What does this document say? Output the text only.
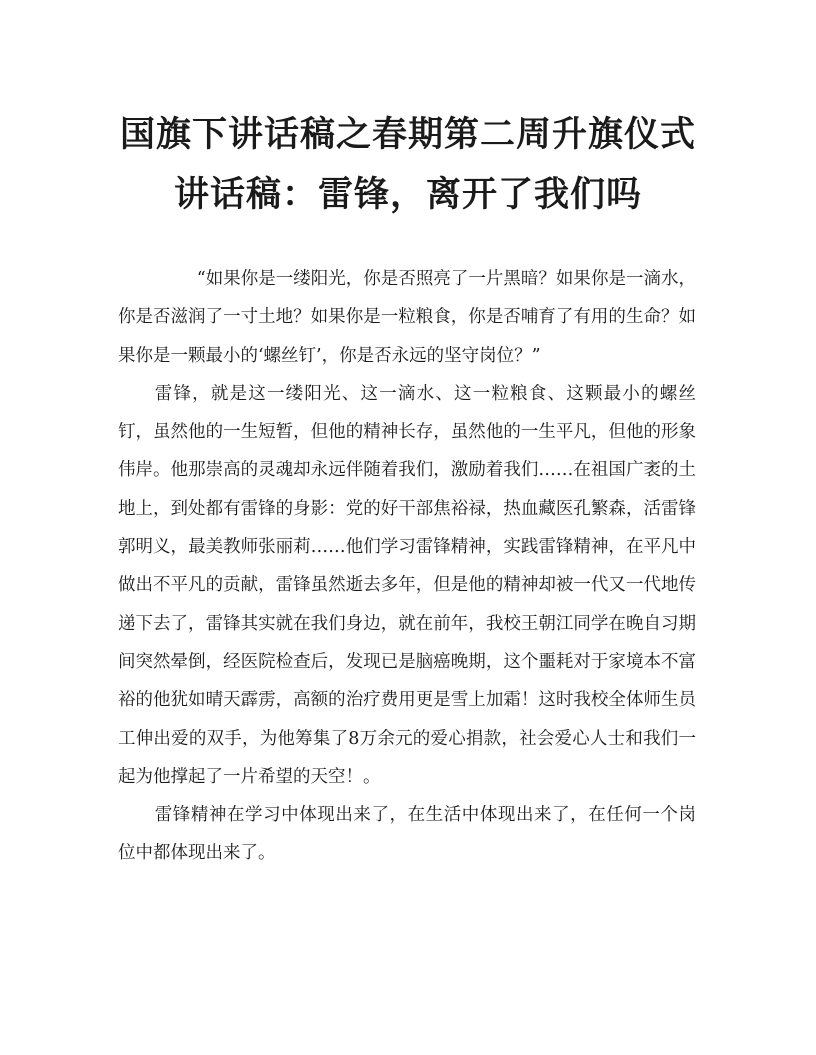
国旗下讲话稿之春期第二周升旗仪式
讲话稿：雷锋，离开了我们吗

“如果你是一缕阳光，你是否照亮了一片黑暗？如果你是一滴水，你是否滋润了一寸土地？如果你是一粒粮食，你是否哺育了有用的生命？如果你是一颗最小的‘螺丝钉’，你是否永远的坚守岗位？”

雷锋，就是这一缕阳光、这一滴水、这一粒粮食、这颗最小的螺丝钉，虽然他的一生短暂，但他的精神长存，虽然他的一生平凡，但他的形象伟岸。他那崇高的灵魂却永远伴随着我们，激励着我们……在祖国广袤的土地上，到处都有雷锋的身影：党的好干部焦裕禄，热血藏医孔繁森，活雷锋郭明义，最美教师张丽莉……他们学习雷锋精神，实践雷锋精神，在平凡中做出不平凡的贡献，雷锋虽然逝去多年，但是他的精神却被一代又一代地传递下去了，雷锋其实就在我们身边，就在前年，我校王朝江同学在晚自习期间突然晕倒，经医院检查后，发现已是脑癌晚期，这个噩耗对于家境本不富裕的他犹如晴天霹雳，高额的治疗费用更是雪上加霜！这时我校全体师生员工伸出爱的双手，为他筹集了8万余元的爱心捐款，社会爱心人士和我们一起为他撑起了一片希望的天空！。

雷锋精神在学习中体现出来了，在生活中体现出来了，在任何一个岗位中都体现出来了。
